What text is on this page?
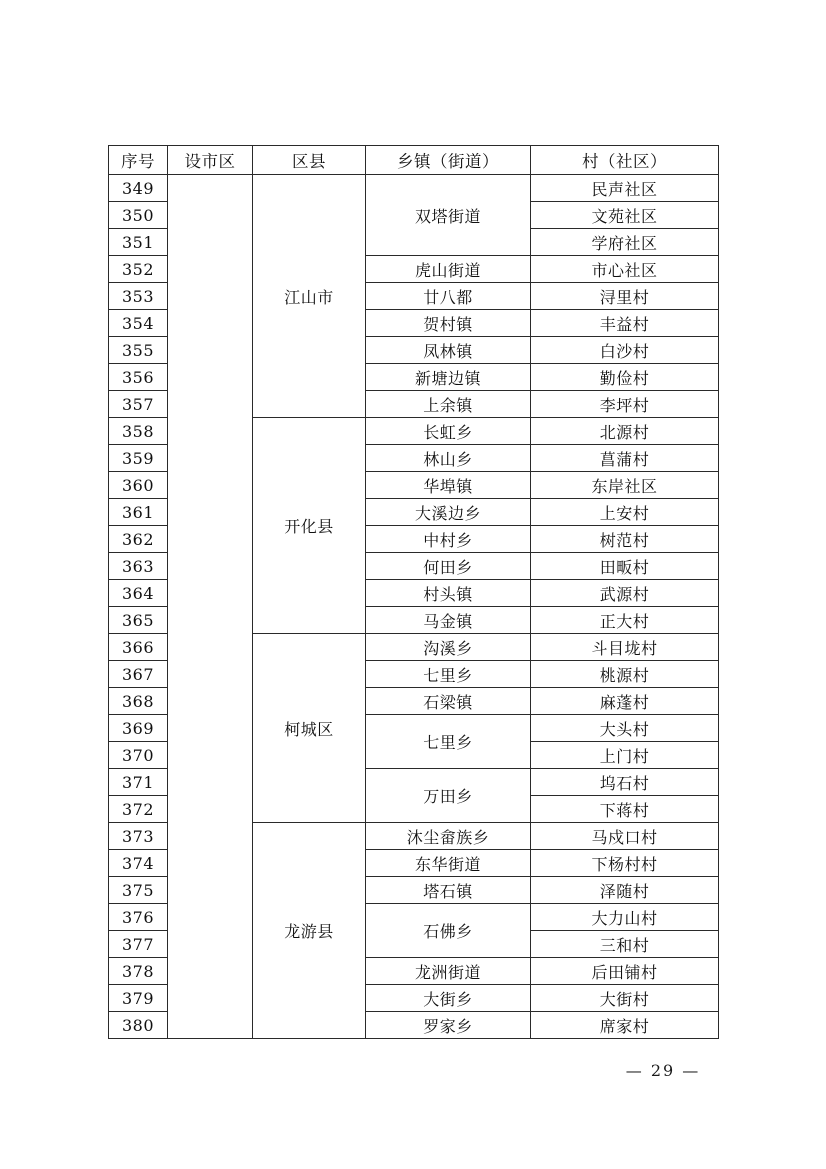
序号	设市区	区县	乡镇（街道）	村（社区）
349		江山市	双塔街道	民声社区
350				文苑社区
351				学府社区
352			虎山街道	市心社区
353			廿八都	浔里村
354			贺村镇	丰益村
355			凤林镇	白沙村
356			新塘边镇	勤俭村
357			上余镇	李坪村
358		开化县	长虹乡	北源村
359			林山乡	菖蒲村
360			华埠镇	东岸社区
361			大溪边乡	上安村
362			中村乡	树范村
363			何田乡	田畈村
364			村头镇	武源村
365			马金镇	正大村
366		柯城区	沟溪乡	斗目垅村
367			七里乡	桃源村
368			石梁镇	麻蓬村
369			七里乡	大头村
370				上门村
371			万田乡	坞石村
372				下蒋村
373		龙游县	沐尘畲族乡	马戍口村
374			东华街道	下杨村村
375			塔石镇	泽随村
376			石佛乡	大力山村
377				三和村
378			龙洲街道	后田铺村
379			大街乡	大街村
380			罗家乡	席家村
— 29 —
